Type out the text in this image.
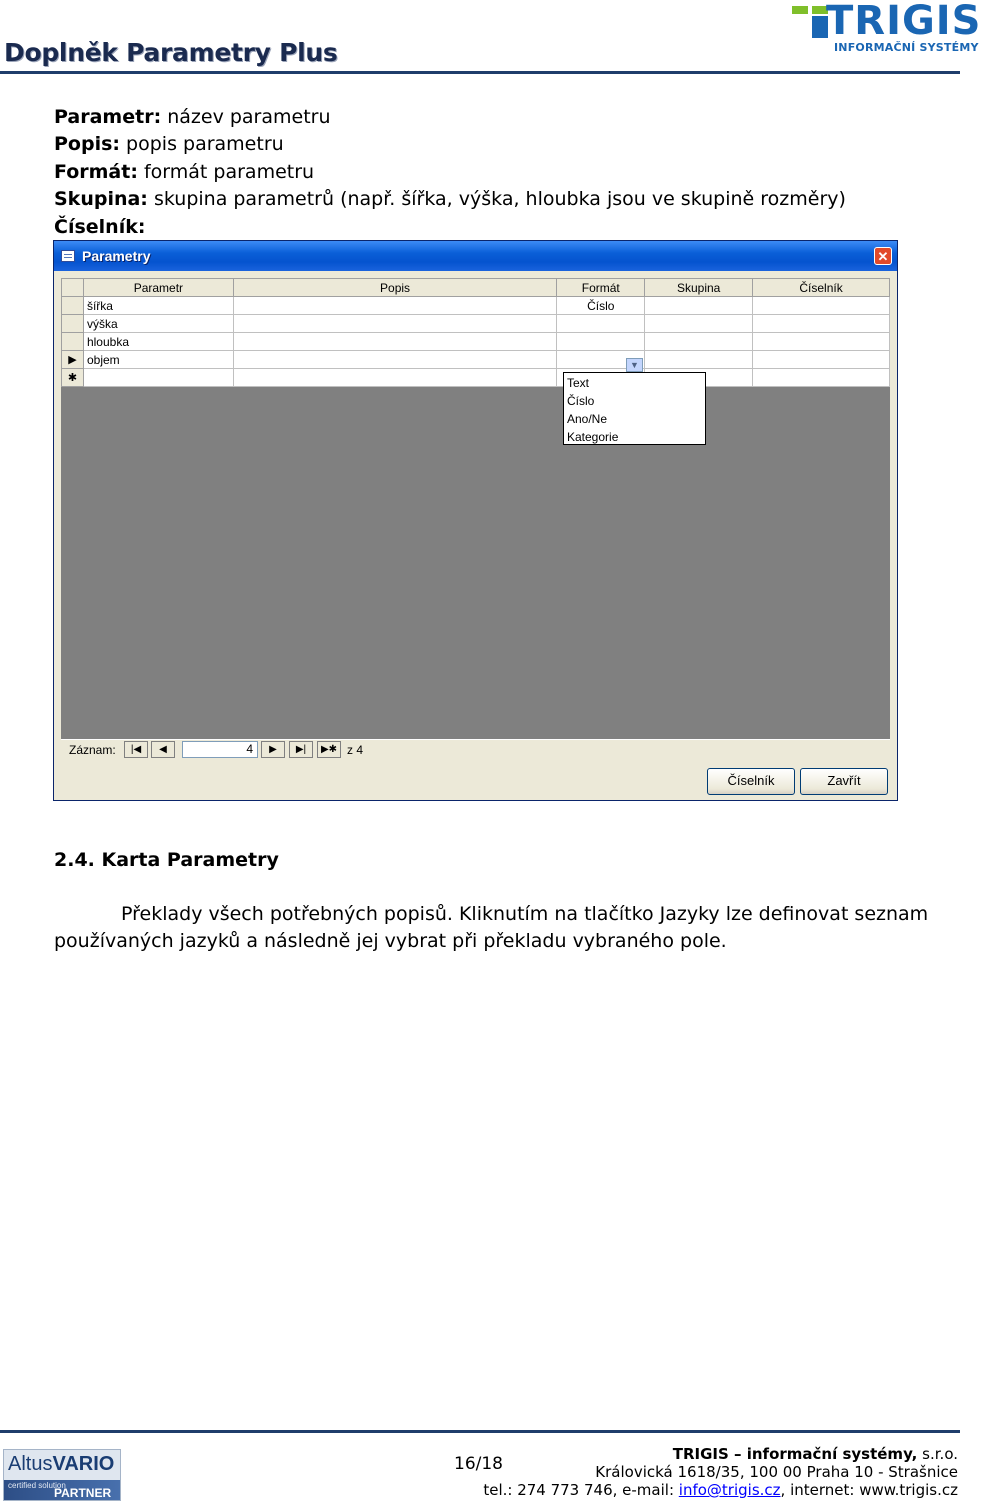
Doplněk Parametry Plus
TRIGIS
INFORMAČNÍ SYSTÉMY
Parametr: název parametru
Popis: popis parametru
Formát: formát parametru
Skupina: skupina parametrů (např. šířka, výška, hloubka jsou ve skupině rozměry)
Číselník:
Parametry	✕
	Parametr	Popis	Formát	Skupina	Číselník
	šířka		Číslo		
	výška				
	hloubka				
▶	objem				
✱					
▼
Text
Číslo
Ano/Ne
Kategorie
Záznam:	|◀	◀	4	▶	▶|	▶✱ z 4
Číselník	Zavřít
2.4. Karta Parametry
Překlady všech potřebných popisů. Kliknutím na tlačítko Jazyky lze definovat seznam
používaných jazyků a následně jej vybrat při překladu vybraného pole.
AltusVARIO
certified solution
PARTNER
16/18	TRIGIS – informační systémy, s.r.o.
Královická 1618/35, 100 00 Praha 10 - Strašnice
tel.: 274 773 746, e-mail: info@trigis.cz, internet: www.trigis.cz
